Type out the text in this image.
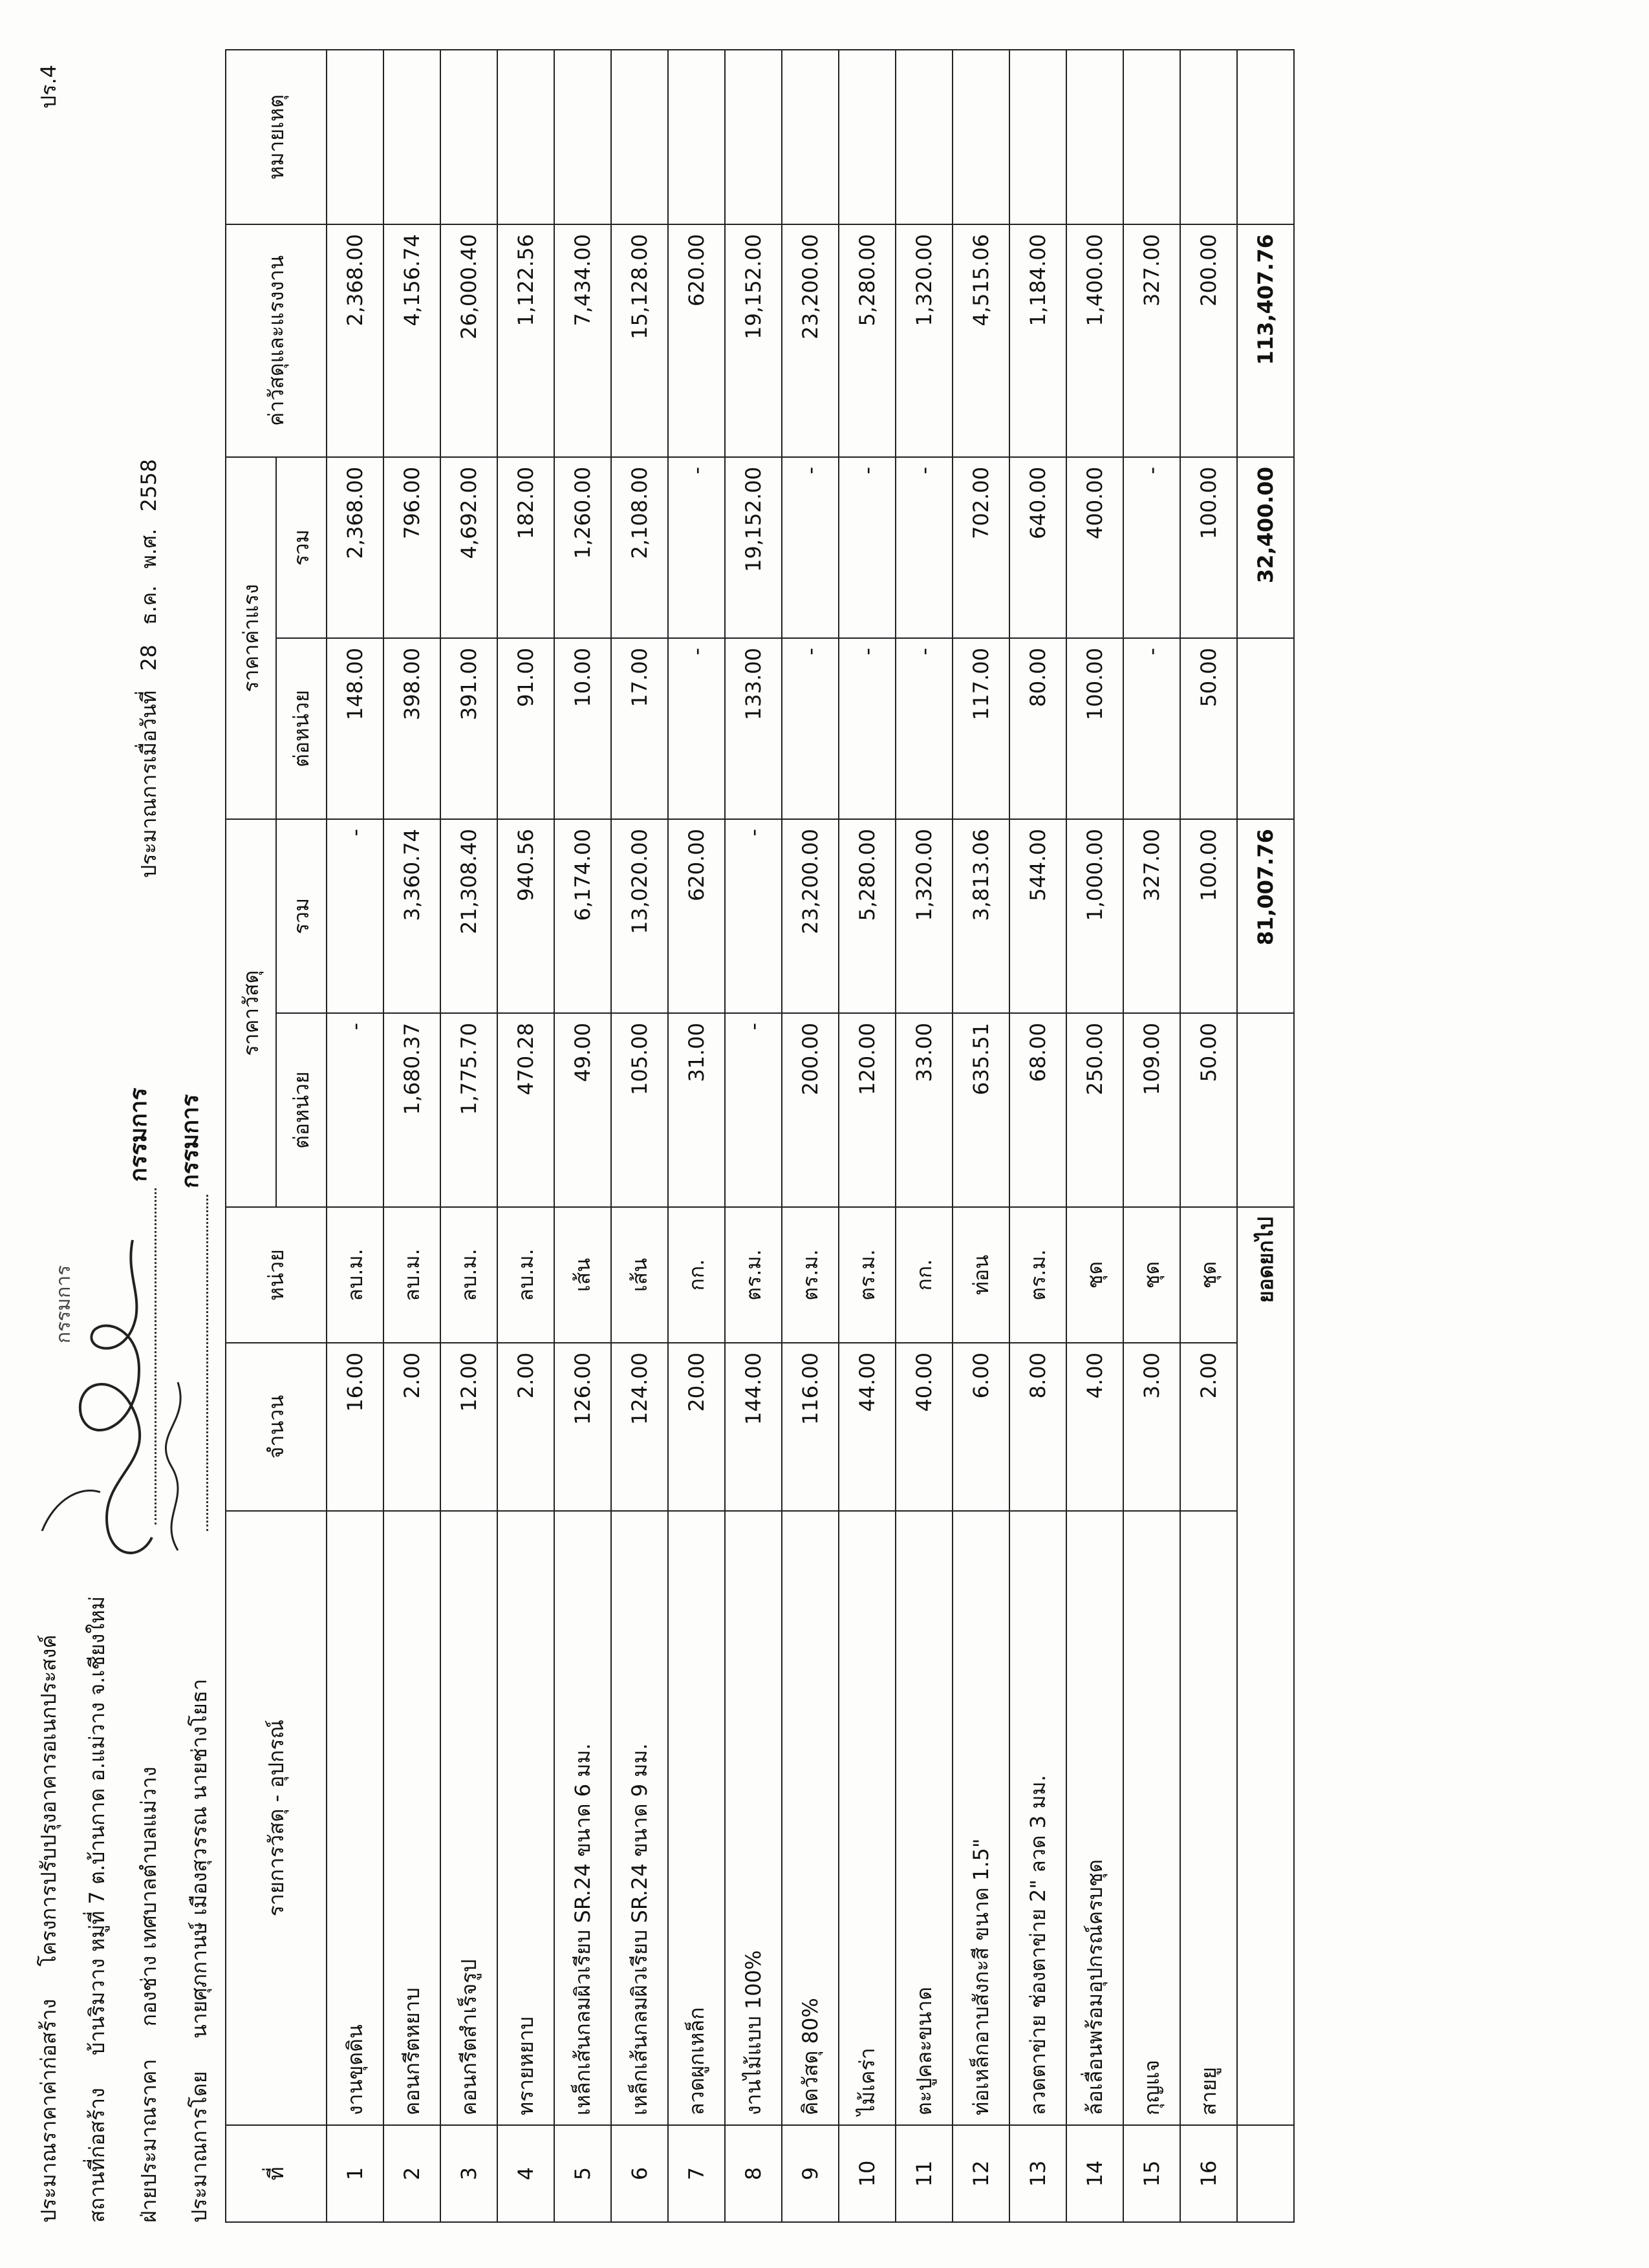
ปร.4
ประมาณราคาค่าก่อสร้าง โครงการปรับปรุงอาคารอเนกประสงค์
สถานที่ก่อสร้าง บ้านริมวาง หมู่ที่ 7 ต.บ้านกาด อ.แม่วาง จ.เชียงใหม่
ฝ่ายประมาณราคา กองช่าง เทศบาลตำบลแม่วาง
ประมาณการโดย นายศุภกานษ์ เมืองสุวรรณ นายช่างโยธา
ประมาณการเมื่อวันที่ 28 ธ.ค. พ.ศ. 2558
กรรมการ
กรรมการ กรรมการ
ที่	รายการวัสดุ - อุปกรณ์	จำนวน	หน่วย	ราคาวัสดุ		ราคาค่าแรง		ค่าวัสดุและแรงงาน	หมายเหตุ
				ต่อหน่วย	รวม	ต่อหน่วย	รวม		
1	งานขุดดิน	16.00	ลบ.ม.	-	-	148.00	2,368.00	2,368.00	
2	คอนกรีตหยาบ	2.00	ลบ.ม.	1,680.37	3,360.74	398.00	796.00	4,156.74	
3	คอนกรีตสำเร็จรูป	12.00	ลบ.ม.	1,775.70	21,308.40	391.00	4,692.00	26,000.40	
4	ทรายหยาบ	2.00	ลบ.ม.	470.28	940.56	91.00	182.00	1,122.56	
5	เหล็กเส้นกลมผิวเรียบ SR.24 ขนาด 6 มม.	126.00	เส้น	49.00	6,174.00	10.00	1,260.00	7,434.00	
6	เหล็กเส้นกลมผิวเรียบ SR.24 ขนาด 9 มม.	124.00	เส้น	105.00	13,020.00	17.00	2,108.00	15,128.00	
7	ลวดผูกเหล็ก	20.00	กก.	31.00	620.00	-	-	620.00	
8	งานไม้แบบ 100%	144.00	ตร.ม.	-	-	133.00	19,152.00	19,152.00	
9	คิดวัสดุ 80%	116.00	ตร.ม.	200.00	23,200.00	-	-	23,200.00	
10	ไม้เคร่า	44.00	ตร.ม.	120.00	5,280.00	-	-	5,280.00	
11	ตะปูคละขนาด	40.00	กก.	33.00	1,320.00	-	-	1,320.00	
12	ท่อเหล็กอาบสังกะสี ขนาด 1.5"	6.00	ท่อน	635.51	3,813.06	117.00	702.00	4,515.06	
13	ลวดตาข่าย ช่องตาข่าย 2" ลวด 3 มม.	8.00	ตร.ม.	68.00	544.00	80.00	640.00	1,184.00	
14	ล้อเลื่อนพร้อมอุปกรณ์ครบชุด	4.00	ชุด	250.00	1,000.00	100.00	400.00	1,400.00	
15	กุญแจ	3.00	ชุด	109.00	327.00	-	-	327.00	
16	สายยู	2.00	ชุด	50.00	100.00	50.00	100.00	200.00	
	ยอดยกไป				81,007.76		32,400.00	113,407.76	
